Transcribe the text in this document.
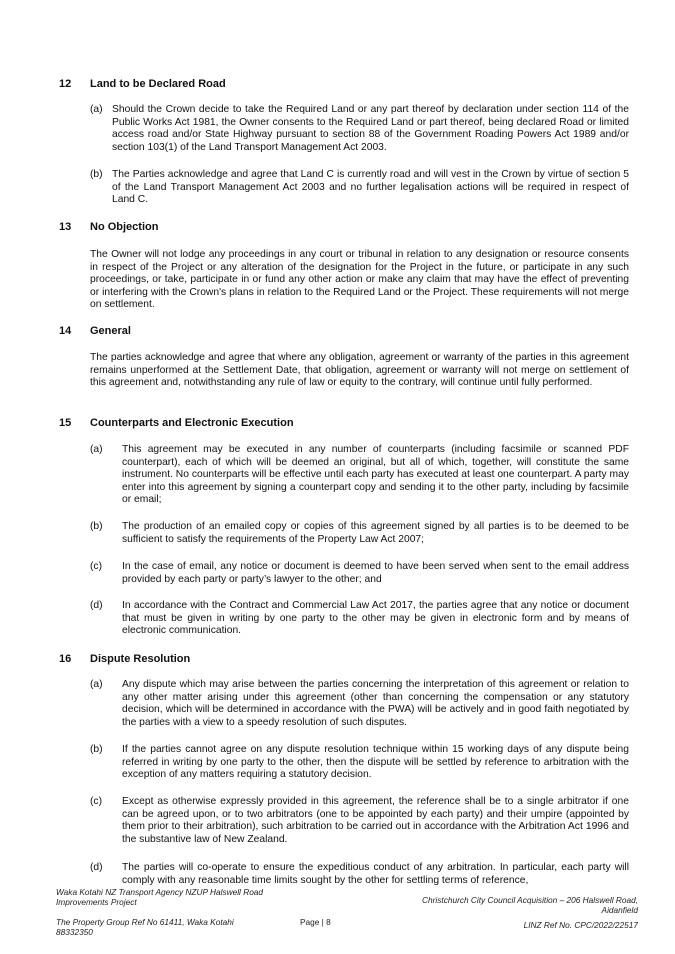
12 Land to be Declared Road
(a) Should the Crown decide to take the Required Land or any part thereof by declaration under section 114 of the Public Works Act 1981, the Owner consents to the Required Land or part thereof, being declared Road or limited access road and/or State Highway pursuant to section 88 of the Government Roading Powers Act 1989 and/or section 103(1) of the Land Transport Management Act 2003.
(b) The Parties acknowledge and agree that Land C is currently road and will vest in the Crown by virtue of section 5 of the Land Transport Management Act 2003 and no further legalisation actions will be required in respect of Land C.
13 No Objection
The Owner will not lodge any proceedings in any court or tribunal in relation to any designation or resource consents in respect of the Project or any alteration of the designation for the Project in the future, or participate in any such proceedings, or take, participate in or fund any other action or make any claim that may have the effect of preventing or interfering with the Crown's plans in relation to the Required Land or the Project. These requirements will not merge on settlement.
14 General
The parties acknowledge and agree that where any obligation, agreement or warranty of the parties in this agreement remains unperformed at the Settlement Date, that obligation, agreement or warranty will not merge on settlement of this agreement and, notwithstanding any rule of law or equity to the contrary, will continue until fully performed.
15 Counterparts and Electronic Execution
(a) This agreement may be executed in any number of counterparts (including facsimile or scanned PDF counterpart), each of which will be deemed an original, but all of which, together, will constitute the same instrument. No counterparts will be effective until each party has executed at least one counterpart. A party may enter into this agreement by signing a counterpart copy and sending it to the other party, including by facsimile or email;
(b) The production of an emailed copy or copies of this agreement signed by all parties is to be deemed to be sufficient to satisfy the requirements of the Property Law Act 2007;
(c) In the case of email, any notice or document is deemed to have been served when sent to the email address provided by each party or party’s lawyer to the other; and
(d) In accordance with the Contract and Commercial Law Act 2017, the parties agree that any notice or document that must be given in writing by one party to the other may be given in electronic form and by means of electronic communication.
16 Dispute Resolution
(a) Any dispute which may arise between the parties concerning the interpretation of this agreement or relation to any other matter arising under this agreement (other than concerning the compensation or any statutory decision, which will be determined in accordance with the PWA) will be actively and in good faith negotiated by the parties with a view to a speedy resolution of such disputes.
(b) If the parties cannot agree on any dispute resolution technique within 15 working days of any dispute being referred in writing by one party to the other, then the dispute will be settled by reference to arbitration with the exception of any matters requiring a statutory decision.
(c) Except as otherwise expressly provided in this agreement, the reference shall be to a single arbitrator if one can be agreed upon, or to two arbitrators (one to be appointed by each party) and their umpire (appointed by them prior to their arbitration), such arbitration to be carried out in accordance with the Arbitration Act 1996 and the substantive law of New Zealand.
(d) The parties will co-operate to ensure the expeditious conduct of any arbitration. In particular, each party will comply with any reasonable time limits sought by the other for settling terms of reference,
Waka Kotahi NZ Transport Agency NZUP Halswell Road
Improvements Project	Christchurch City Council Acquisition – 206 Halswell Road,
Aidanfield
The Property Group Ref No 61411, Waka Kotahi
88332350
Page | 8	LINZ Ref No. CPC/2022/22517
